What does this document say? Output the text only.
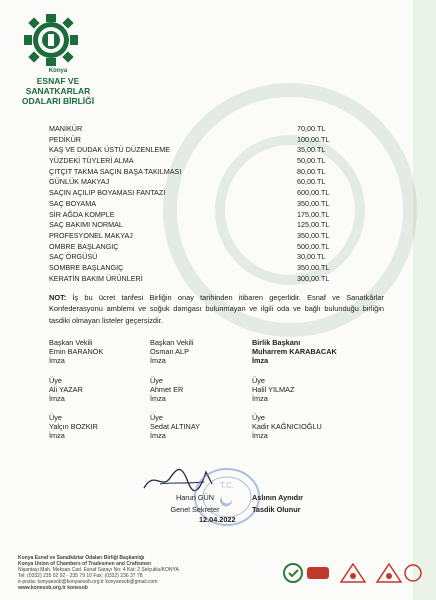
Konya
ESNAF VE SANATKARLAR
ODALARI BİRLİĞİ
MANİKÜR	70,00.TL
PEDİKÜR	100,00.TL
KAŞ VE DUDAK ÜSTÜ DÜZENLEME	35,00.TL
YÜZDEKİ TÜYLERİ ALMA	50,00.TL
ÇITÇIT TAKMA SAÇIN BAŞA TAKILMASI	80,00.TL
GÜNLÜK MAKYAJ	60,00.TL
SAÇIN AÇILIP BOYAMASI FANTAZİ	600,00.TL
SAÇ BOYAMA	350,00.TL
SİR AĞDA KOMPLE	175,00.TL
SAÇ BAKIMI NORMAL	125,00.TL
PROFESYONEL MAKYAJ	350,00.TL
OMBRE BAŞLANGIÇ	500,00.TL
SAÇ ÖRGÜSÜ	30,00.TL
SOMBRE BAŞLANGIÇ	350,00.TL
KERATİN BAKIM ÜRÜNLERİ	300,00.TL
NOT: İş bu ücret tarifesi Birliğin onay tarihinden itibaren geçerlidir. Esnaf ve Sanatkârlar Konfederasyonu amblemi ve soğuk damgası bulunmayan ve ilgili oda ve bağlı bulunduğu birliğin tasdiki olmayan listeler geçersizdir.
Başkan Vekili
Emin BARANOK
İmza
Başkan Vekili
Osman ALP
İmza
Birlik Başkanı
Muharrem KARABACAK
İmza
Üye
Ali YAZAR
İmza
Üye
Ahmet ER
İmza
Üye
Halil YILMAZ
İmza
Üye
Yalçın BOZKIR
İmza
Üye
Sedat ALTINAY
İmza
Üye
Kadir KAĞNICIOĞLU
İmza
T.C.
Harun GÜN
Genel Sekreter
12.04.2022
Aslının Aynıdır
Tasdik Olunur
Konya Esnaf ve Sanatkârlar Odaları Birliği Başkanlığı
Konya Union of Chambers of Tradesmen and Craftsmen
Nişantaşı Mah. Meksan Cad. Esnaf Sarayı No: 4 Kat: 2 Selçuklu/KONYA
Tel: (0332) 235 02 92 - 235 79 10 Fax: (0332) 236 37 78
e-posta: konyaesob@konyaesob.org.tr konyaesob@gmail.com
www.konesob.org.tr konesob
